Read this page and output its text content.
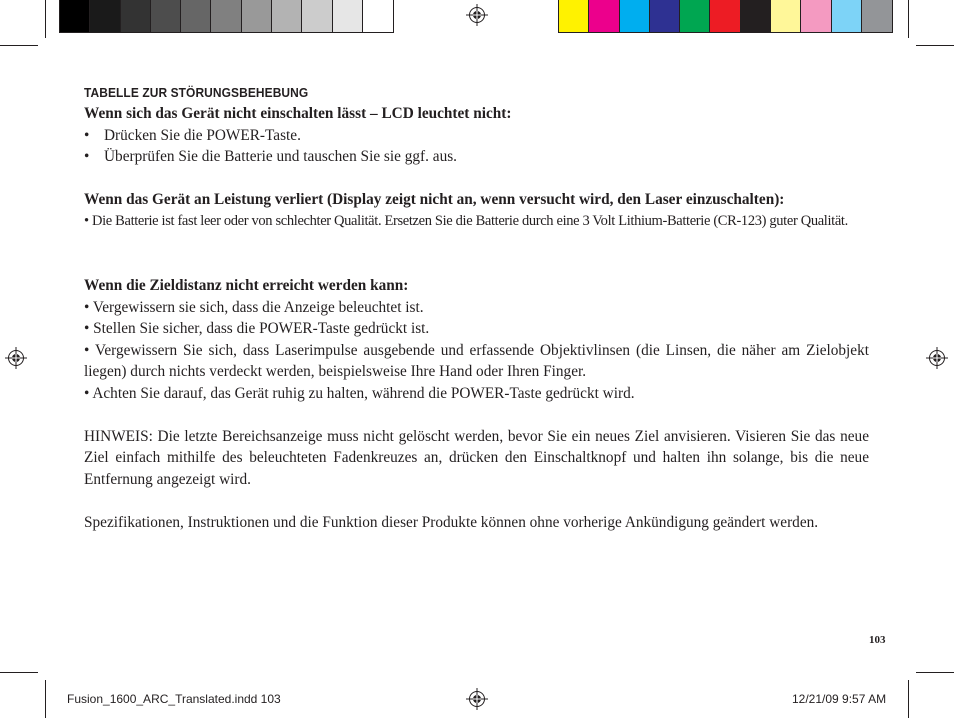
TABELLE ZUR STÖRUNGSBEHEBUNG

Wenn sich das Gerät nicht einschalten lässt – LCD leuchtet nicht:

• Drücken Sie die POWER-Taste.

• Überprüfen Sie die Batterie und tauschen Sie sie ggf. aus.

Wenn das Gerät an Leistung verliert (Display zeigt nicht an, wenn versucht wird, den Laser einzuschalten):

• Die Batterie ist fast leer oder von schlechter Qualität. Ersetzen Sie die Batterie durch eine 3 Volt Lithium-Batterie (CR-123) guter Qualität.

Wenn die Zieldistanz nicht erreicht werden kann:

• Vergewissern sie sich, dass die Anzeige beleuchtet ist.

• Stellen Sie sicher, dass die POWER-Taste gedrückt ist.

• Vergewissern Sie sich, dass Laserimpulse ausgebende und erfassende Objektivlinsen (die Linsen, die näher am Zielobjekt liegen) durch nichts verdeckt werden, beispielsweise Ihre Hand oder Ihren Finger.

• Achten Sie darauf, das Gerät ruhig zu halten, während die POWER-Taste gedrückt wird.

HINWEIS: Die letzte Bereichsanzeige muss nicht gelöscht werden, bevor Sie ein neues Ziel anvisieren. Visieren Sie das neue Ziel einfach mithilfe des beleuchteten Fadenkreuzes an, drücken den Einschaltknopf und halten ihn solange, bis die neue Entfernung angezeigt wird.

Spezifikationen, Instruktionen und die Funktion dieser Produkte können ohne vorherige Ankündigung geändert werden.

103
Fusion_1600_ARC_Translated.indd 103	12/21/09 9:57 AM
